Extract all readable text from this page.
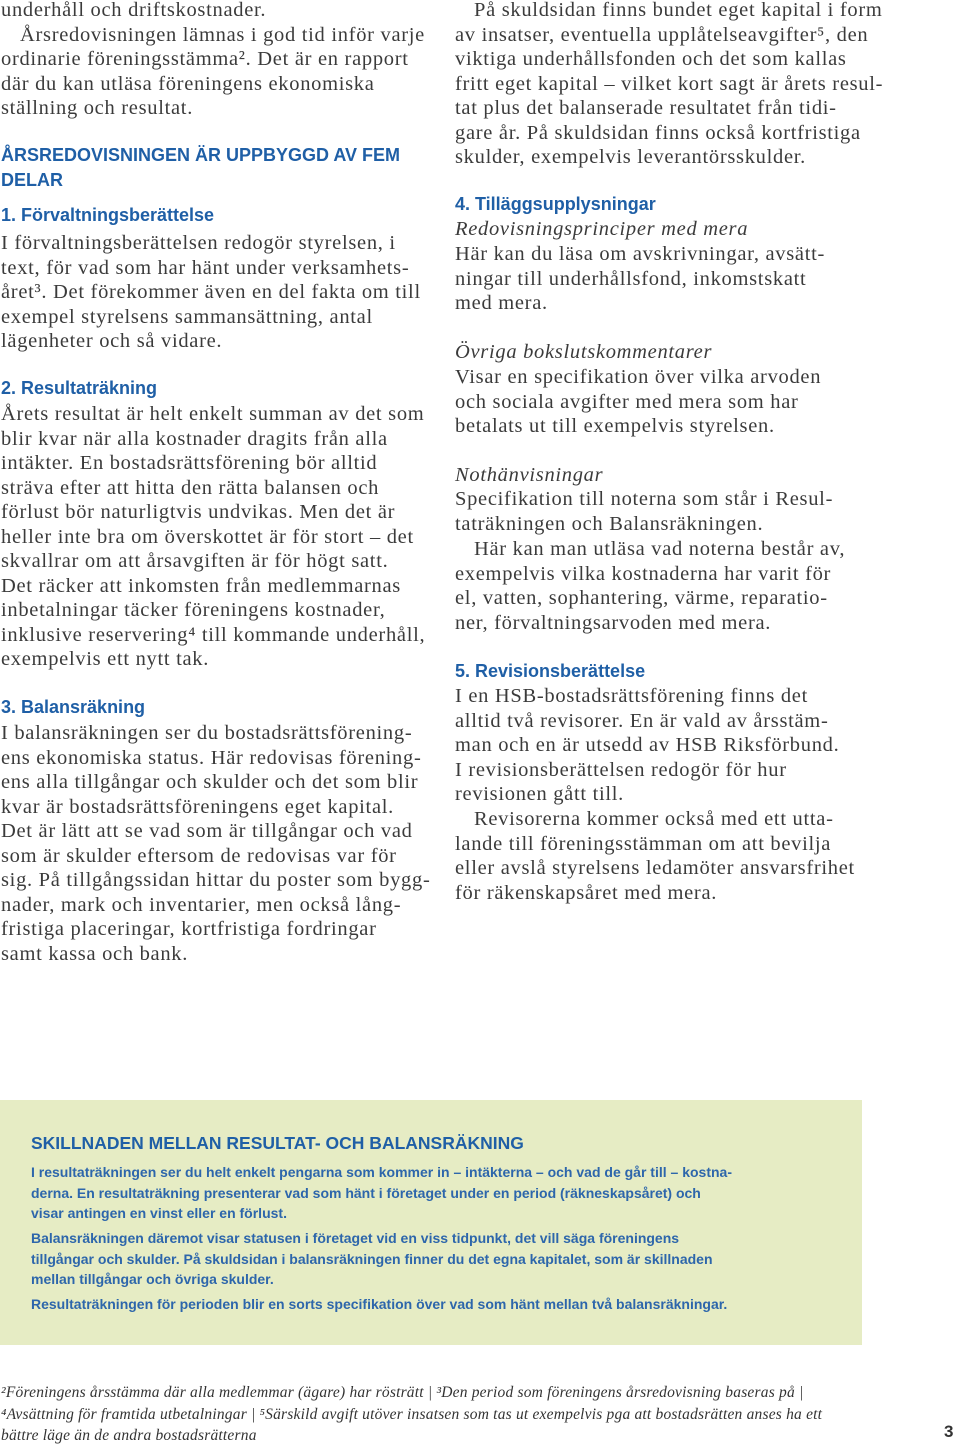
underhåll och driftskostnader.
Årsredovisningen lämnas i god tid inför varje
ordinarie föreningsstämma². Det är en rapport
där du kan utläsa föreningens ekonomiska
ställning och resultat.
ÅRSREDOVISNINGEN ÄR UPPBYGGD AV FEM
DELAR
1. Förvaltningsberättelse
I förvaltningsberättelsen redogör styrelsen, i
text, för vad som har hänt under verksamhets-
året³. Det förekommer även en del fakta om till
exempel styrelsens sammansättning, antal
lägenheter och så vidare.
2. Resultaträkning
Årets resultat är helt enkelt summan av det som
blir kvar när alla kostnader dragits från alla
intäkter. En bostadsrättsförening bör alltid
sträva efter att hitta den rätta balansen och
förlust bör naturligtvis undvikas. Men det är
heller inte bra om överskottet är för stort – det
skvallrar om att årsavgiften är för högt satt.
Det räcker att inkomsten från medlemmarnas
inbetalningar täcker föreningens kostnader,
inklusive reservering⁴ till kommande underhåll,
exempelvis ett nytt tak.
3. Balansräkning
I balansräkningen ser du bostadsrättsförening-
ens ekonomiska status. Här redovisas förening-
ens alla tillgångar och skulder och det som blir
kvar är bostadsrättsföreningens eget kapital.
Det är lätt att se vad som är tillgångar och vad
som är skulder eftersom de redovisas var för
sig. På tillgångssidan hittar du poster som bygg-
nader, mark och inventarier, men också lång-
fristiga placeringar, kortfristiga fordringar
samt kassa och bank.
På skuldsidan finns bundet eget kapital i form
av insatser, eventuella upplåtelseavgifter⁵, den
viktiga underhållsfonden och det som kallas
fritt eget kapital – vilket kort sagt är årets resul-
tat plus det balanserade resultatet från tidi-
gare år. På skuldsidan finns också kortfristiga
skulder, exempelvis leverantörsskulder.
4. Tilläggsupplysningar
Redovisningsprinciper med mera
Här kan du läsa om avskrivningar, avsätt-
ningar till underhållsfond, inkomstskatt
med mera.
Övriga bokslutskommentarer
Visar en specifikation över vilka arvoden
och sociala avgifter med mera som har
betalats ut till exempelvis styrelsen.
Nothänvisningar
Specifikation till noterna som står i Resul-
taträkningen och Balansräkningen.
Här kan man utläsa vad noterna består av,
exempelvis vilka kostnaderna har varit för
el, vatten, sophantering, värme, reparatio-
ner, förvaltningsarvoden med mera.
5. Revisionsberättelse
I en HSB-bostadsrättsförening finns det
alltid två revisorer. En är vald av årsstäm-
man och en är utsedd av HSB Riksförbund.
I revisionsberättelsen redogör för hur
revisionen gått till.
Revisorerna kommer också med ett utta-
lande till föreningsstämman om att bevilja
eller avslå styrelsens ledamöter ansvarsfrihet
för räkenskapsåret med mera.
SKILLNADEN MELLAN RESULTAT- OCH BALANSRÄKNING
I resultaträkningen ser du helt enkelt pengarna som kommer in – intäkterna – och vad de går till – kostna-
derna. En resultaträkning presenterar vad som hänt i företaget under en period (räkneskapsåret) och
visar antingen en vinst eller en förlust.
Balansräkningen däremot visar statusen i företaget vid en viss tidpunkt, det vill säga föreningens
tillgångar och skulder. På skuldsidan i balansräkningen finner du det egna kapitalet, som är skillnaden
mellan tillgångar och övriga skulder.
Resultaträkningen för perioden blir en sorts specifikation över vad som hänt mellan två balansräkningar.
²Föreningens årsstämma där alla medlemmar (ägare) har rösträtt | ³Den period som föreningens årsredovisning baseras på |
⁴Avsättning för framtida utbetalningar | ⁵Särskild avgift utöver insatsen som tas ut exempelvis pga att bostadsrätten anses ha ett
bättre läge än de andra bostadsrätterna	3
